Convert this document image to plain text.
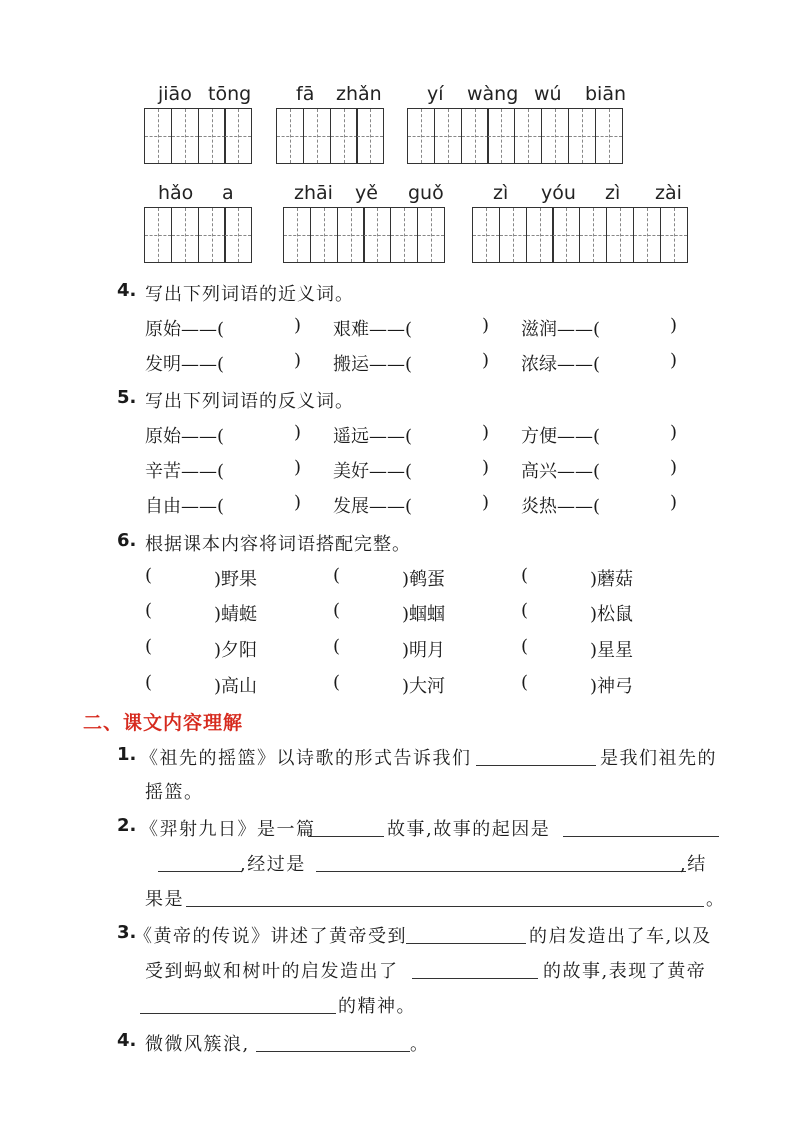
jiāo tōng fā zhǎn yí wàng wú biān
hǎo a	zhāi yě guǒ	zì yóu zì zài
4. 写出下列词语的近义词。
原始——(	) 艰难——(	) 滋润——(	)
发明——(	) 搬运——(	) 浓绿——(	)
5. 写出下列词语的反义词。
原始——(	) 遥远——(	) 方便——(	)
辛苦——(	) 美好——(	) 高兴——(	)
自由——(	) 发展——(	) 炎热——(	)
6. 根据课本内容将词语搭配完整。
(	)野果	(	)鹌蛋	(	)蘑菇
(	)蜻蜓	(	)蝈蝈	(	)松鼠
(	)夕阳	(	)明月	(	)星星
(	)高山	(	)大河	(	)神弓
二、课文内容理解
1. 《祖先的摇篮》以诗歌的形式告诉我们	是我们祖先的
摇篮。
2. 《羿射九日》是一篇	故事,故事的起因是
,经过是	,结
果是	。
3.
《黄帝的传说》讲述了黄帝受到	的启发造出了车,以及
受到蚂蚁和树叶的启发造出了	的故事,表现了黄帝
的精神。
4. 微微风簇浪,	。
